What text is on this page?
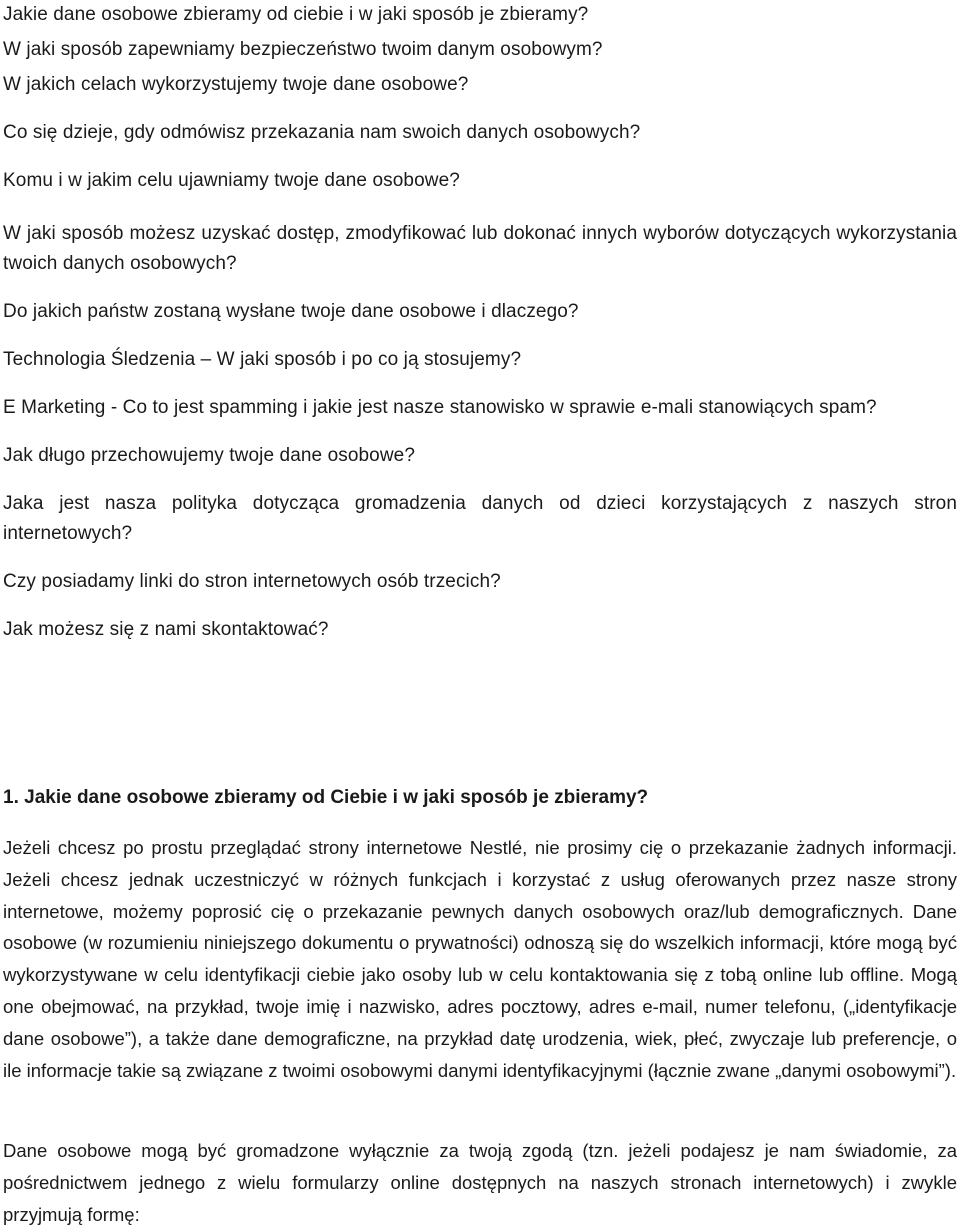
Jakie dane osobowe zbieramy od ciebie i w jaki sposób je zbieramy?
W jaki sposób zapewniamy bezpieczeństwo twoim danym osobowym?
W jakich celach wykorzystujemy twoje dane osobowe?
Co się dzieje, gdy odmówisz przekazania nam swoich danych osobowych?
Komu i w jakim celu ujawniamy twoje dane osobowe?
W jaki sposób możesz uzyskać dostęp, zmodyfikować lub dokonać innych wyborów dotyczących wykorzystania twoich danych osobowych?
Do jakich państw zostaną wysłane twoje dane osobowe i dlaczego?
Technologia Śledzenia – W jaki sposób i po co ją stosujemy?
E Marketing - Co to jest spamming i jakie jest nasze stanowisko w sprawie e-mali stanowiących spam?
Jak długo przechowujemy twoje dane osobowe?
Jaka jest nasza polityka dotycząca gromadzenia danych od dzieci korzystających z naszych stron internetowych?
Czy posiadamy linki do stron internetowych osób trzecich?
Jak możesz się z nami skontaktować?
1. Jakie dane osobowe zbieramy od Ciebie i w jaki sposób je zbieramy?

Jeżeli chcesz po prostu przeglądać strony internetowe Nestlé, nie prosimy cię o przekazanie żadnych informacji. Jeżeli chcesz jednak uczestniczyć w różnych funkcjach i korzystać z usług oferowanych przez nasze strony internetowe, możemy poprosić cię o przekazanie pewnych danych osobowych oraz/lub demograficznych. Dane osobowe (w rozumieniu niniejszego dokumentu o prywatności) odnoszą się do wszelkich informacji, które mogą być wykorzystywane w celu identyfikacji ciebie jako osoby lub w celu kontaktowania się z tobą online lub offline. Mogą one obejmować, na przykład, twoje imię i nazwisko, adres pocztowy, adres e-mail, numer telefonu, („identyfikacje dane osobowe”), a także dane demograficzne, na przykład datę urodzenia, wiek, płeć, zwyczaje lub preferencje, o ile informacje takie są związane z twoimi osobowymi danymi identyfikacyjnymi (łącznie zwane „danymi osobowymi”).

Dane osobowe mogą być gromadzone wyłącznie za twoją zgodą (tzn. jeżeli podajesz je nam świadomie, za pośrednictwem jednego z wielu formularzy online dostępnych na naszych stronach internetowych) i zwykle przyjmują formę:
